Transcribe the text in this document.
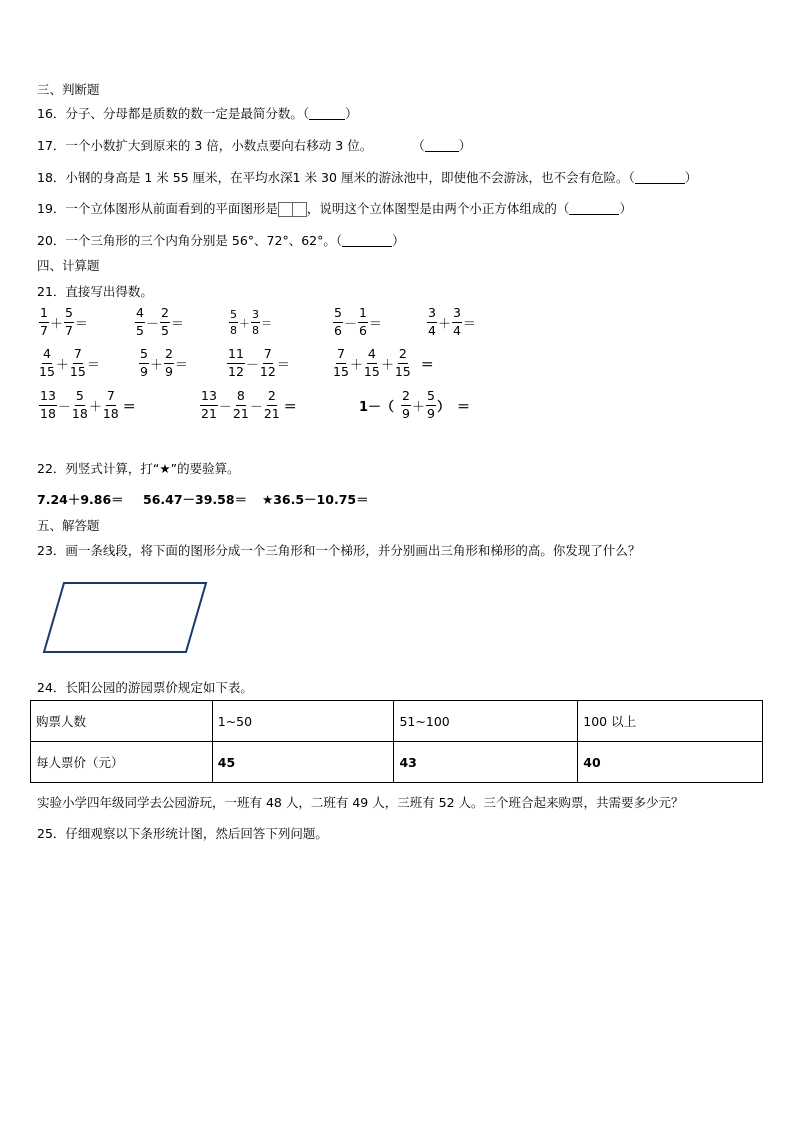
三、判断题
16．分子、分母都是质数的数一定是最简分数。（	）
17．一个小数扩大到原来的 3 倍，小数点要向右移动 3 位。	（	）
18．小钢的身高是 1 米 55 厘米，在平均水深1 米 30 厘米的游泳池中，即使他不会游泳，也不会有危险。（	）
19．一个立体图形从前面看到的平面图形是 ，说明这个立体图型是由两个小正方体组成的（	）
20．一个三角形的三个内角分别是 56°、72°、62°。（	）
四、计算题
21．直接写出得数。
$\frac{1}{7} + \frac{5}{7}$ ＝	$\frac{4}{5} - \frac{2}{5}$ ＝	$\frac{5}{8} + \frac{3}{8}$ ＝	$\frac{5}{6} - \frac{1}{6}$ ＝	$\frac{3}{4} + \frac{3}{4}$ ＝
$\frac{4}{15} + \frac{7}{15}$ ＝	$\frac{5}{9} + \frac{2}{9}$ ＝	$\frac{11}{12} - \frac{7}{12}$ ＝	$\frac{7}{15} + \frac{4}{15} + \frac{2}{15}$ ＝
$\frac{13}{18} - \frac{5}{18} + \frac{7}{18}$ ＝	$\frac{13}{21} - \frac{8}{21} - \frac{2}{21}$ ＝	$1-( \frac{2}{9} + \frac{5}{9}$ ） ＝
22．列竖式计算，打“★”的要验算。
7.24＋9.86＝ 56.47－39.58＝ ★36.5－10.75＝
五、解答题
23．画一条线段，将下面的图形分成一个三角形和一个梯形，并分别画出三角形和梯形的高。你发现了什么？
24．长阳公园的游园票价规定如下表。
购票人数	1~50	51~100	100 以上
每人票价（元）	45	43	40
实验小学四年级同学去公园游玩，一班有 48 人，二班有 49 人，三班有 52 人。三个班合起来购票，共需要多少元？
25．仔细观察以下条形统计图，然后回答下列问题。
